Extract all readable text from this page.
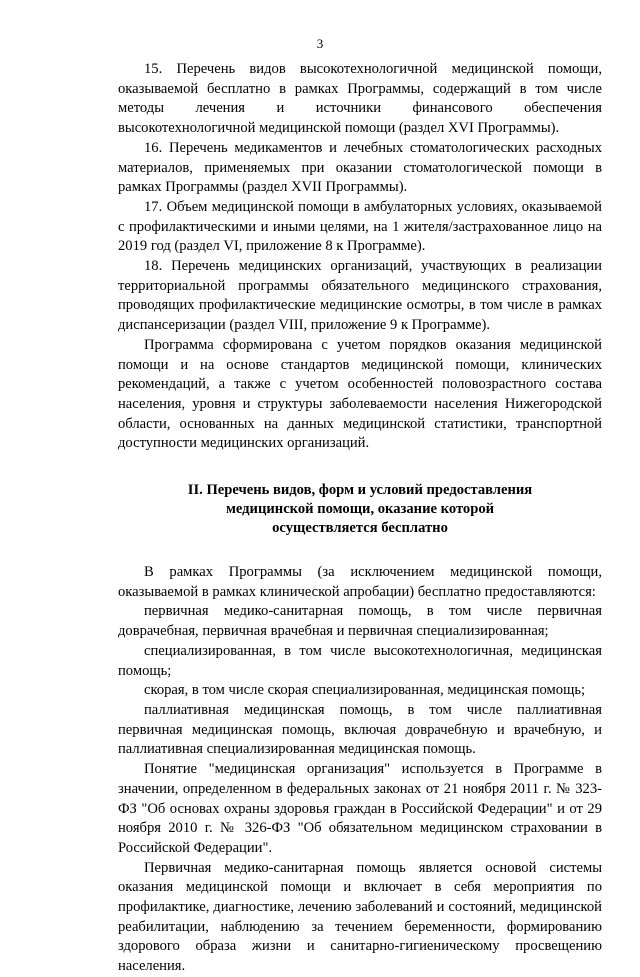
3

15. Перечень видов высокотехнологичной медицинской помощи, оказываемой бесплатно в рамках Программы, содержащий в том числе методы лечения и источники финансового обеспечения высокотехнологичной медицинской помощи (раздел XVI Программы).

16. Перечень медикаментов и лечебных стоматологических расходных материалов, применяемых при оказании стоматологической помощи в рамках Программы (раздел XVII Программы).

17. Объем медицинской помощи в амбулаторных условиях, оказываемой с профилактическими и иными целями, на 1 жителя/застрахованное лицо на 2019 год (раздел VI, приложение 8 к Программе).

18. Перечень медицинских организаций, участвующих в реализации территориальной программы обязательного медицинского страхования, проводящих профилактические медицинские осмотры, в том числе в рамках диспансеризации (раздел VIII, приложение 9 к Программе).

Программа сформирована с учетом порядков оказания медицинской помощи и на основе стандартов медицинской помощи, клинических рекомендаций, а также с учетом особенностей половозрастного состава населения, уровня и структуры заболеваемости населения Нижегородской области, основанных на данных медицинской статистики, транспортной доступности медицинских организаций.

II. Перечень видов, форм и условий предоставления
медицинской помощи, оказание которой
осуществляется бесплатно

В рамках Программы (за исключением медицинской помощи, оказываемой в рамках клинической апробации) бесплатно предоставляются:

первичная медико-санитарная помощь, в том числе первичная доврачебная, первичная врачебная и первичная специализированная;

специализированная, в том числе высокотехнологичная, медицинская помощь;

скорая, в том числе скорая специализированная, медицинская помощь;

паллиативная медицинская помощь, в том числе паллиативная первичная медицинская помощь, включая доврачебную и врачебную, и паллиативная специализированная медицинская помощь.

Понятие "медицинская организация" используется в Программе в значении, определенном в федеральных законах от 21 ноября 2011 г. № 323-ФЗ "Об основах охраны здоровья граждан в Российской Федерации" и от 29 ноября 2010 г. № 326-ФЗ "Об обязательном медицинском страховании в Российской Федерации".

Первичная медико-санитарная помощь является основой системы оказания медицинской помощи и включает в себя мероприятия по профилактике, диагностике, лечению заболеваний и состояний, медицинской реабилитации, наблюдению за течением беременности, формированию здорового образа жизни и санитарно-гигиеническому просвещению населения.
